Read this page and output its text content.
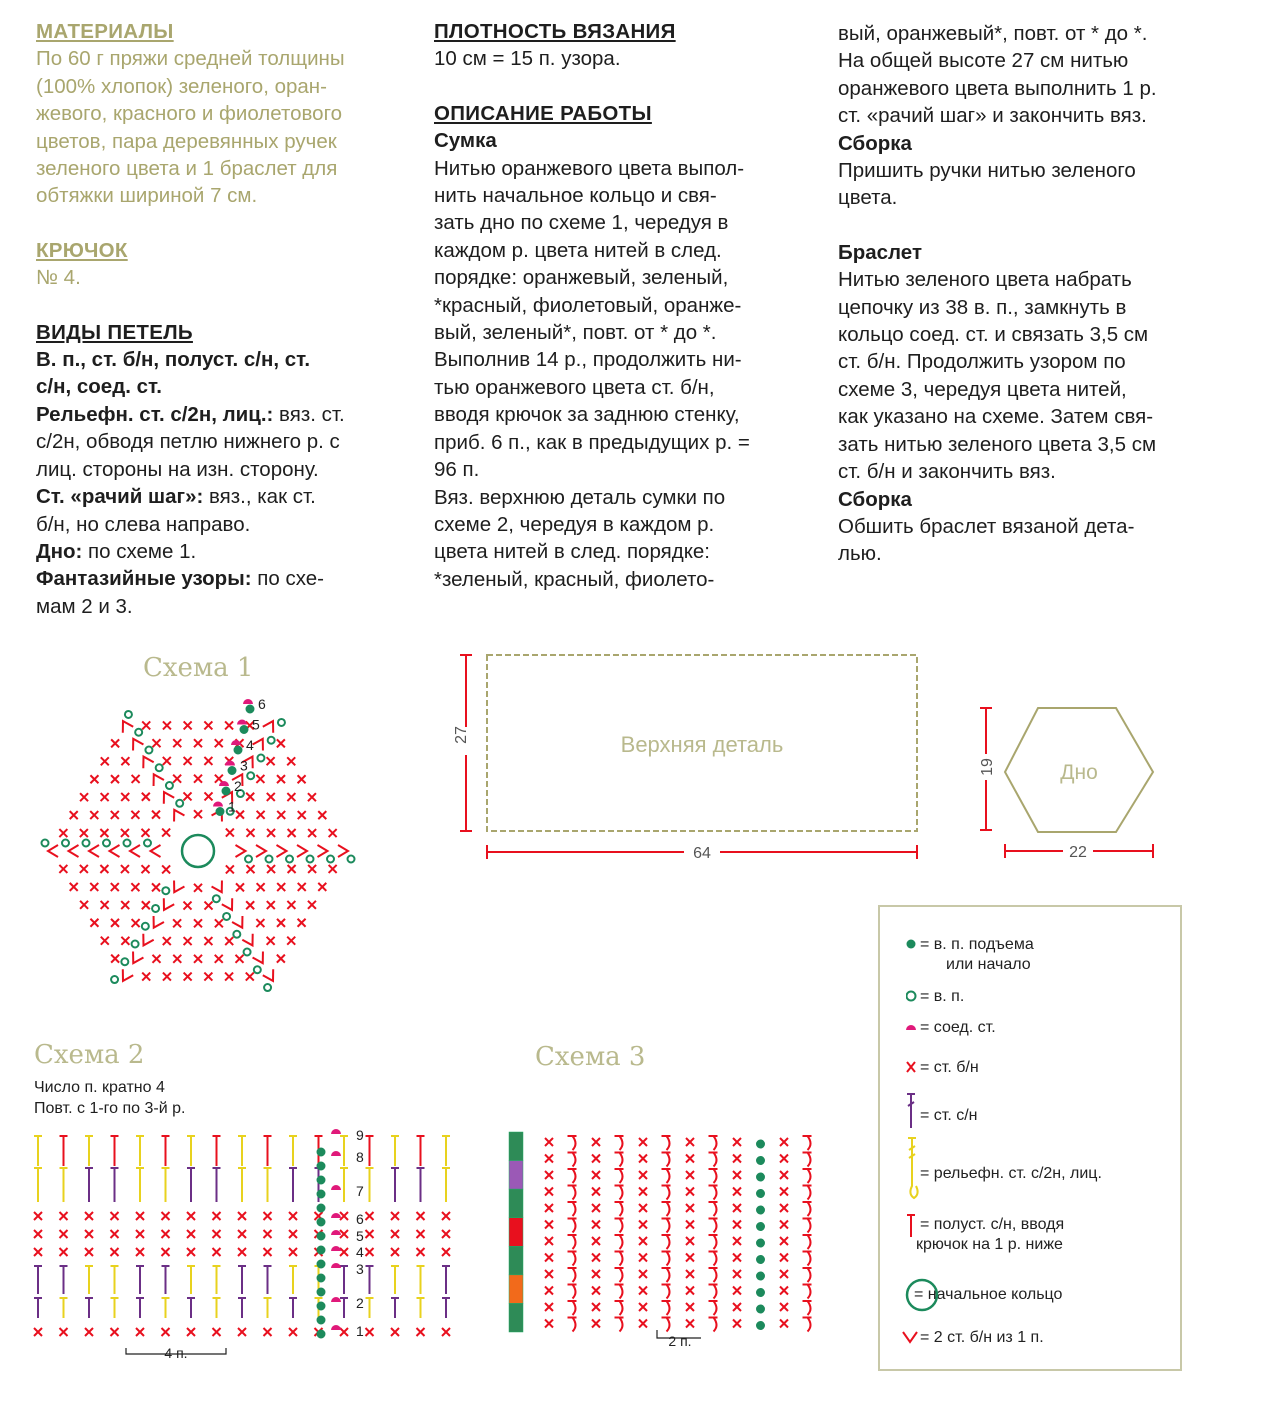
МАТЕРИАЛЫ
По 60 г пряжи средней толщины
(100% хлопок) зеленого, оран-
жевого, красного и фиолетового
цветов, пара деревянных ручек
зеленого цвета и 1 браслет для
обтяжки шириной 7 см.
КРЮЧОК
№ 4.
ВИДЫ ПЕТЕЛЬ
В. п., ст. б/н, полуст. с/н, ст.
с/н, соед. ст.
Рельефн. ст. с/2н, лиц.: вяз. ст.
с/2н, обводя петлю нижнего р. с
лиц. стороны на изн. сторону.
Ст. «рачий шаг»: вяз., как ст.
б/н, но слева направо.
Дно: по схеме 1.
Фантазийные узоры: по схе-
мам 2 и 3.
ПЛОТНОСТЬ ВЯЗАНИЯ
10 см = 15 п. узора.
ОПИСАНИЕ РАБОТЫ
Сумка
Нитью оранжевого цвета выпол-
нить начальное кольцо и свя-
зать дно по схеме 1, чередуя в
каждом р. цвета нитей в след.
порядке: оранжевый, зеленый,
*красный, фиолетовый, оранже-
вый, зеленый*, повт. от * до *.
Выполнив 14 р., продолжить ни-
тью оранжевого цвета ст. б/н,
вводя крючок за заднюю стенку,
приб. 6 п., как в предыдущих р. =
96 п.
Вяз. верхнюю деталь сумки по
схеме 2, чередуя в каждом р.
цвета нитей в след. порядке:
*зеленый, красный, фиолето-
вый, оранжевый*, повт. от * до *.
На общей высоте 27 см нитью
оранжевого цвета выполнить 1 р.
ст. «рачий шаг» и закончить вяз.
Сборка
Пришить ручки нитью зеленого
цвета.
Браслет
Нитью зеленого цвета набрать
цепочку из 38 в. п., замкнуть в
кольцо соед. ст. и связать 3,5 см
ст. б/н. Продолжить узором по
схеме 3, чередуя цвета нитей,
как указано на схеме. Затем свя-
зать нитью зеленого цвета 3,5 см
ст. б/н и закончить вяз.
Сборка
Обшить браслет вязаной дета-
лью.
Схема 1
6
5
4
3
2
1
64
27	Верхняя деталь
22
19	Дно
Схема 2
Число п. кратно 4
Повт. с 1-го по 3-й р.
9
8
7
6
5
4
3
2
1
4 п.
Схема 3
2 п.
= в. п. подъема
или начало
= в. п.
= соед. ст.
= ст. б/н
= ст. с/н
= рельефн. ст. с/2н, лиц.
= полуст. с/н, вводя
крючок на 1 р. ниже
= начальное кольцо
= 2 ст. б/н из 1 п.
